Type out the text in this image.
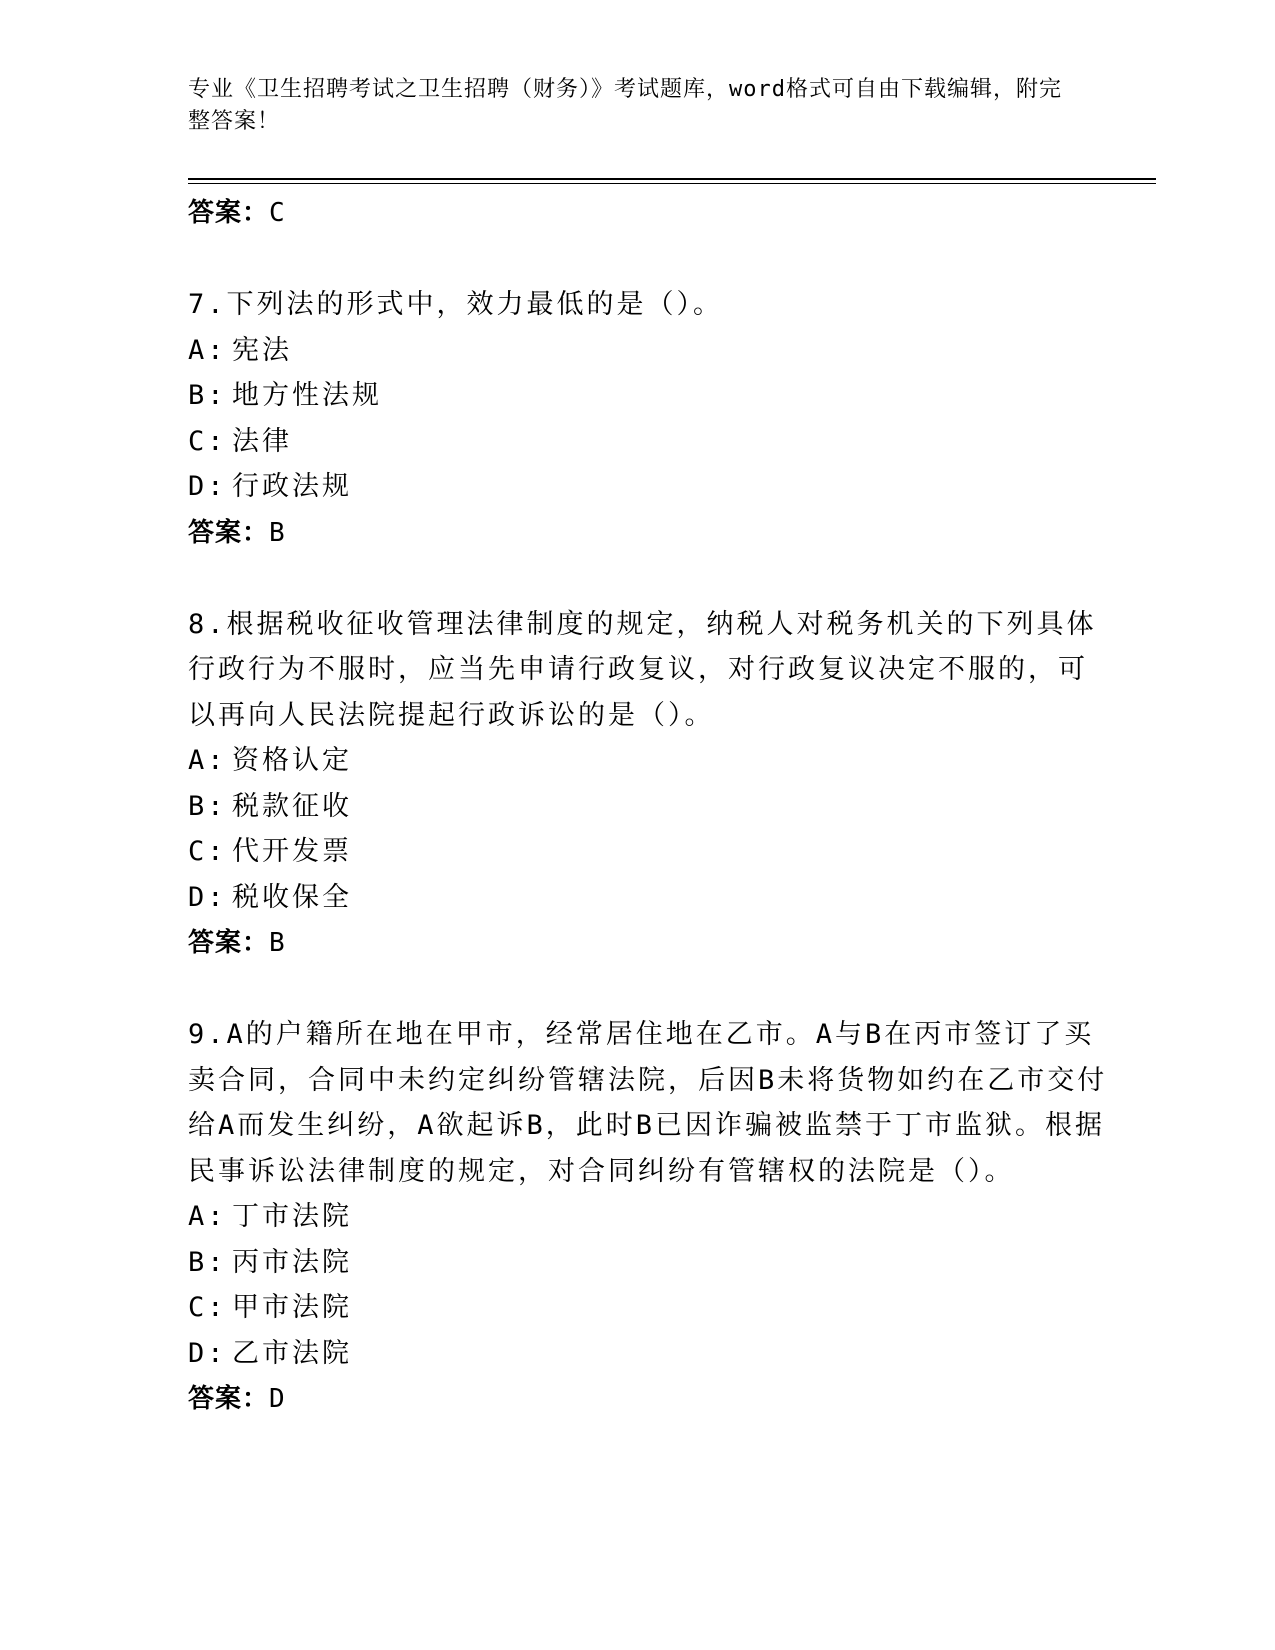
专业《卫生招聘考试之卫生招聘（财务）》考试题库，word格式可自由下载编辑，附完整答案！
答案：C
7.下列法的形式中，效力最低的是（）。
A: 宪法
B: 地方性法规
C: 法律
D: 行政法规
答案：B
8.根据税收征收管理法律制度的规定，纳税人对税务机关的下列具体行政行为不服时，应当先申请行政复议，对行政复议决定不服的，可以再向人民法院提起行政诉讼的是（）。
A: 资格认定
B: 税款征收
C: 代开发票
D: 税收保全
答案：B
9.A的户籍所在地在甲市，经常居住地在乙市。A与B在丙市签订了买卖合同，合同中未约定纠纷管辖法院，后因B未将货物如约在乙市交付给A而发生纠纷，A欲起诉B，此时B已因诈骗被监禁于丁市监狱。根据民事诉讼法律制度的规定，对合同纠纷有管辖权的法院是（）。
A: 丁市法院
B: 丙市法院
C: 甲市法院
D: 乙市法院
答案：D
